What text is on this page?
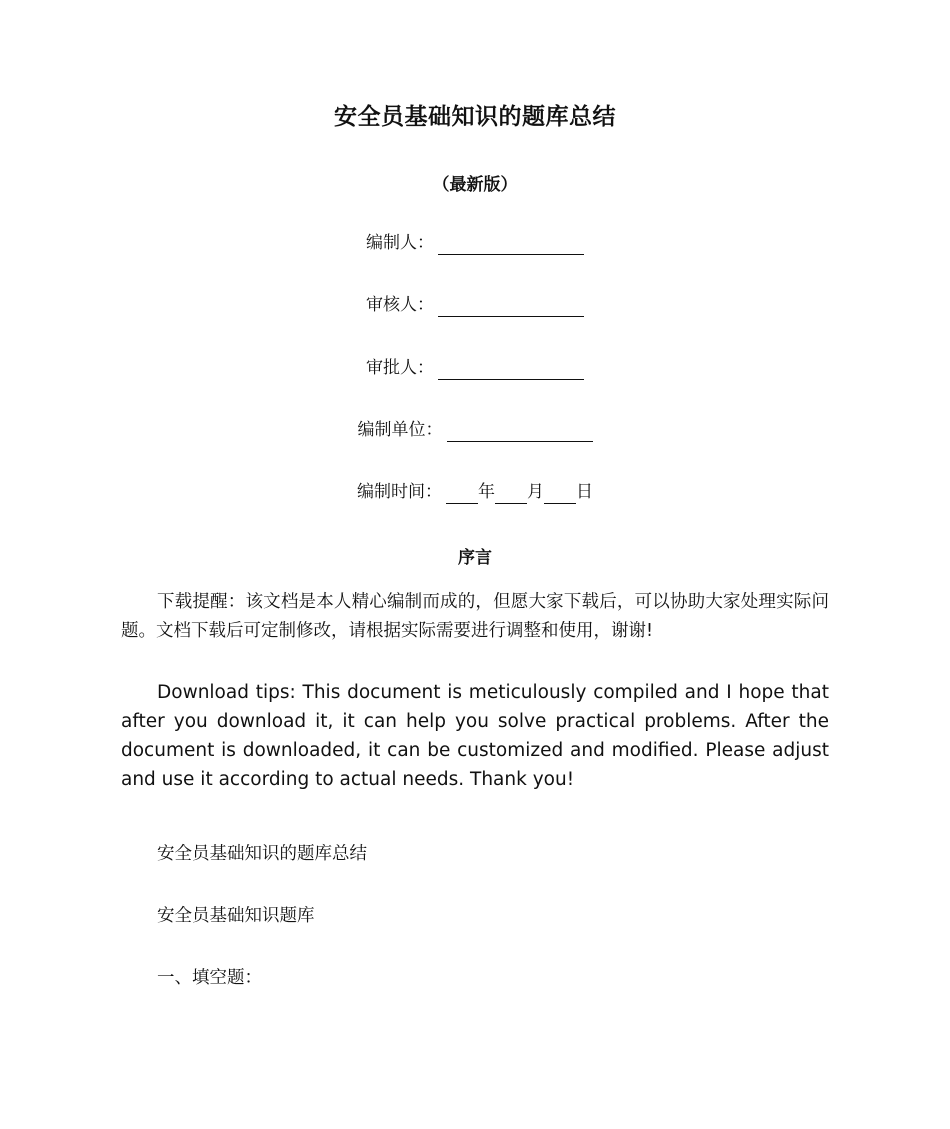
安全员基础知识的题库总结
（最新版）
编制人：
审核人：
审批人：
编制单位：
编制时间： 年 月 日
序言

下载提醒：该文档是本人精心编制而成的，但愿大家下载后，可以协助大家处理实际问题。文档下载后可定制修改，请根据实际需要进行调整和使用，谢谢!

Download tips: This document is meticulously compiled and I hope that after you download it, it can help you solve practical problems. After the document is downloaded, it can be customized and modified. Please adjust and use it according to actual needs. Thank you!

安全员基础知识的题库总结
安全员基础知识题库
一、填空题：
